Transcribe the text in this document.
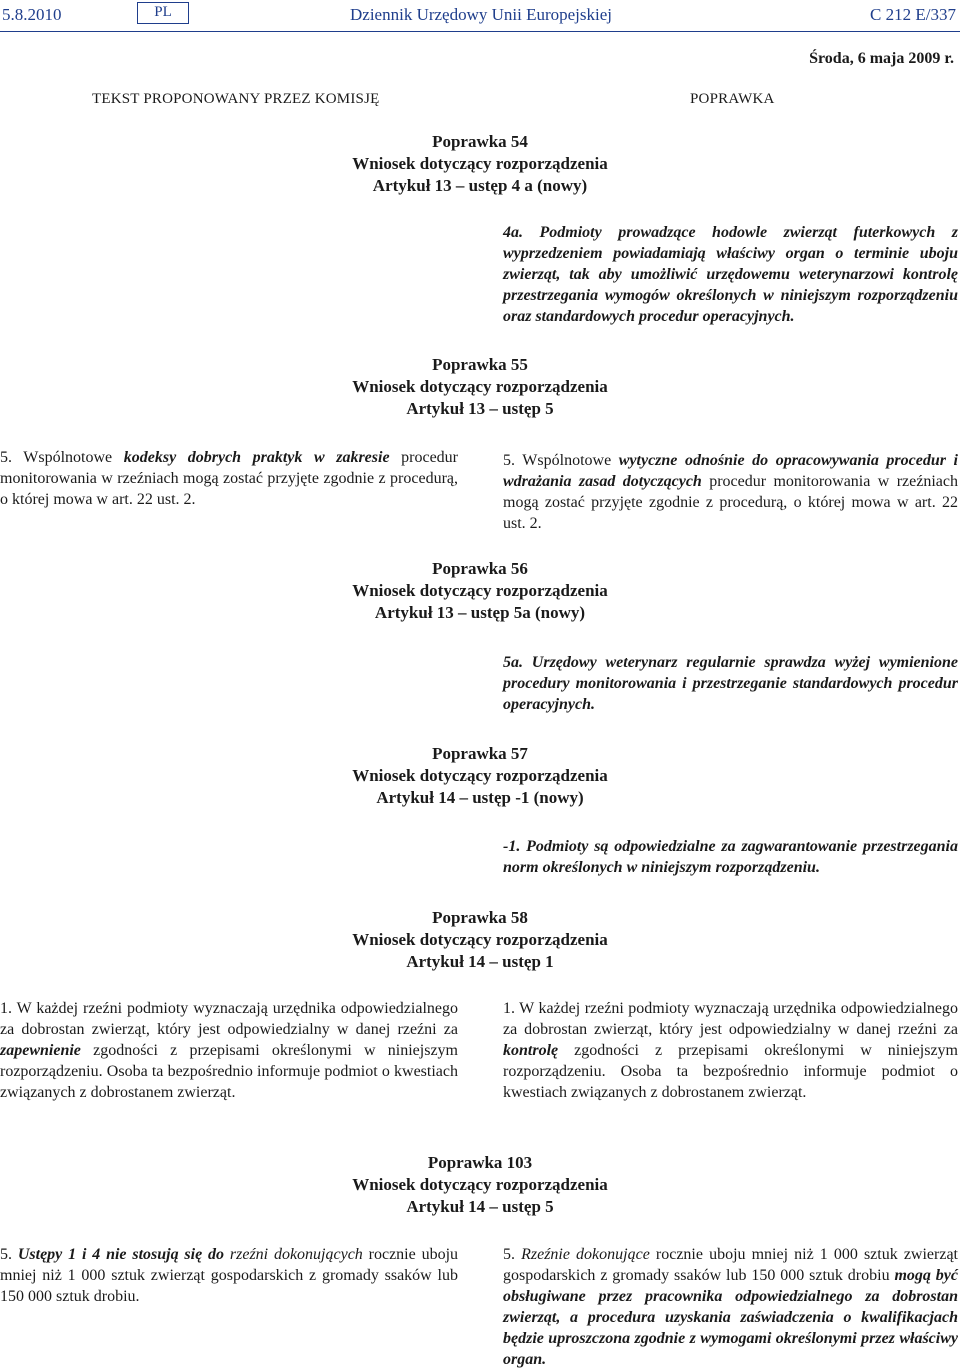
5.8.2010	PL	Dziennik Urzędowy Unii Europejskiej	C 212 E/337
Środa, 6 maja 2009 r.
TEKST PROPONOWANY PRZEZ KOMISJĘ	POPRAWKA
Poprawka 54
Wniosek dotyczący rozporządzenia
Artykuł 13 – ustęp 4 a (nowy)

4a. Podmioty prowadzące hodowle zwierząt futerkowych z wyprzedzeniem powiadamiają właściwy organ o terminie uboju zwierząt, tak aby umożliwić urzędowemu weterynarzowi kontrolę przestrzegania wymogów określonych w niniejszym rozporządzeniu oraz standardowych procedur operacyjnych.

Poprawka 55
Wniosek dotyczący rozporządzenia
Artykuł 13 – ustęp 5

5. Wspólnotowe kodeksy dobrych praktyk w zakresie procedur monitorowania w rzeźniach mogą zostać przyjęte zgodnie z procedurą, o której mowa w art. 22 ust. 2.

5. Wspólnotowe wytyczne odnośnie do opracowywania procedur i wdrażania zasad dotyczących procedur monitorowania w rzeźniach mogą zostać przyjęte zgodnie z procedurą, o której mowa w art. 22 ust. 2.

Poprawka 56
Wniosek dotyczący rozporządzenia
Artykuł 13 – ustęp 5a (nowy)

5a. Urzędowy weterynarz regularnie sprawdza wyżej wymienione procedury monitorowania i przestrzeganie standardowych procedur operacyjnych.

Poprawka 57
Wniosek dotyczący rozporządzenia
Artykuł 14 – ustęp -1 (nowy)

-1. Podmioty są odpowiedzialne za zagwarantowanie przestrzegania norm określonych w niniejszym rozporządzeniu.

Poprawka 58
Wniosek dotyczący rozporządzenia
Artykuł 14 – ustęp 1

1. W każdej rzeźni podmioty wyznaczają urzędnika odpowiedzialnego za dobrostan zwierząt, który jest odpowiedzialny w danej rzeźni za zapewnienie zgodności z przepisami określonymi w niniejszym rozporządzeniu. Osoba ta bezpośrednio informuje podmiot o kwestiach związanych z dobrostanem zwierząt.

1. W każdej rzeźni podmioty wyznaczają urzędnika odpowiedzialnego za dobrostan zwierząt, który jest odpowiedzialny w danej rzeźni za kontrolę zgodności z przepisami określonymi w niniejszym rozporządzeniu. Osoba ta bezpośrednio informuje podmiot o kwestiach związanych z dobrostanem zwierząt.

Poprawka 103
Wniosek dotyczący rozporządzenia
Artykuł 14 – ustęp 5

5. Ustępy 1 i 4 nie stosują się do rzeźni dokonujących rocznie uboju mniej niż 1 000 sztuk zwierząt gospodarskich z gromady ssaków lub 150 000 sztuk drobiu.

5. Rzeźnie dokonujące rocznie uboju mniej niż 1 000 sztuk zwierząt gospodarskich z gromady ssaków lub 150 000 sztuk drobiu mogą być obsługiwane przez pracownika odpowiedzialnego za dobrostan zwierząt, a procedura uzyskania zaświadczenia o kwalifikacjach będzie uproszczona zgodnie z wymogami określonymi przez właściwy organ.
